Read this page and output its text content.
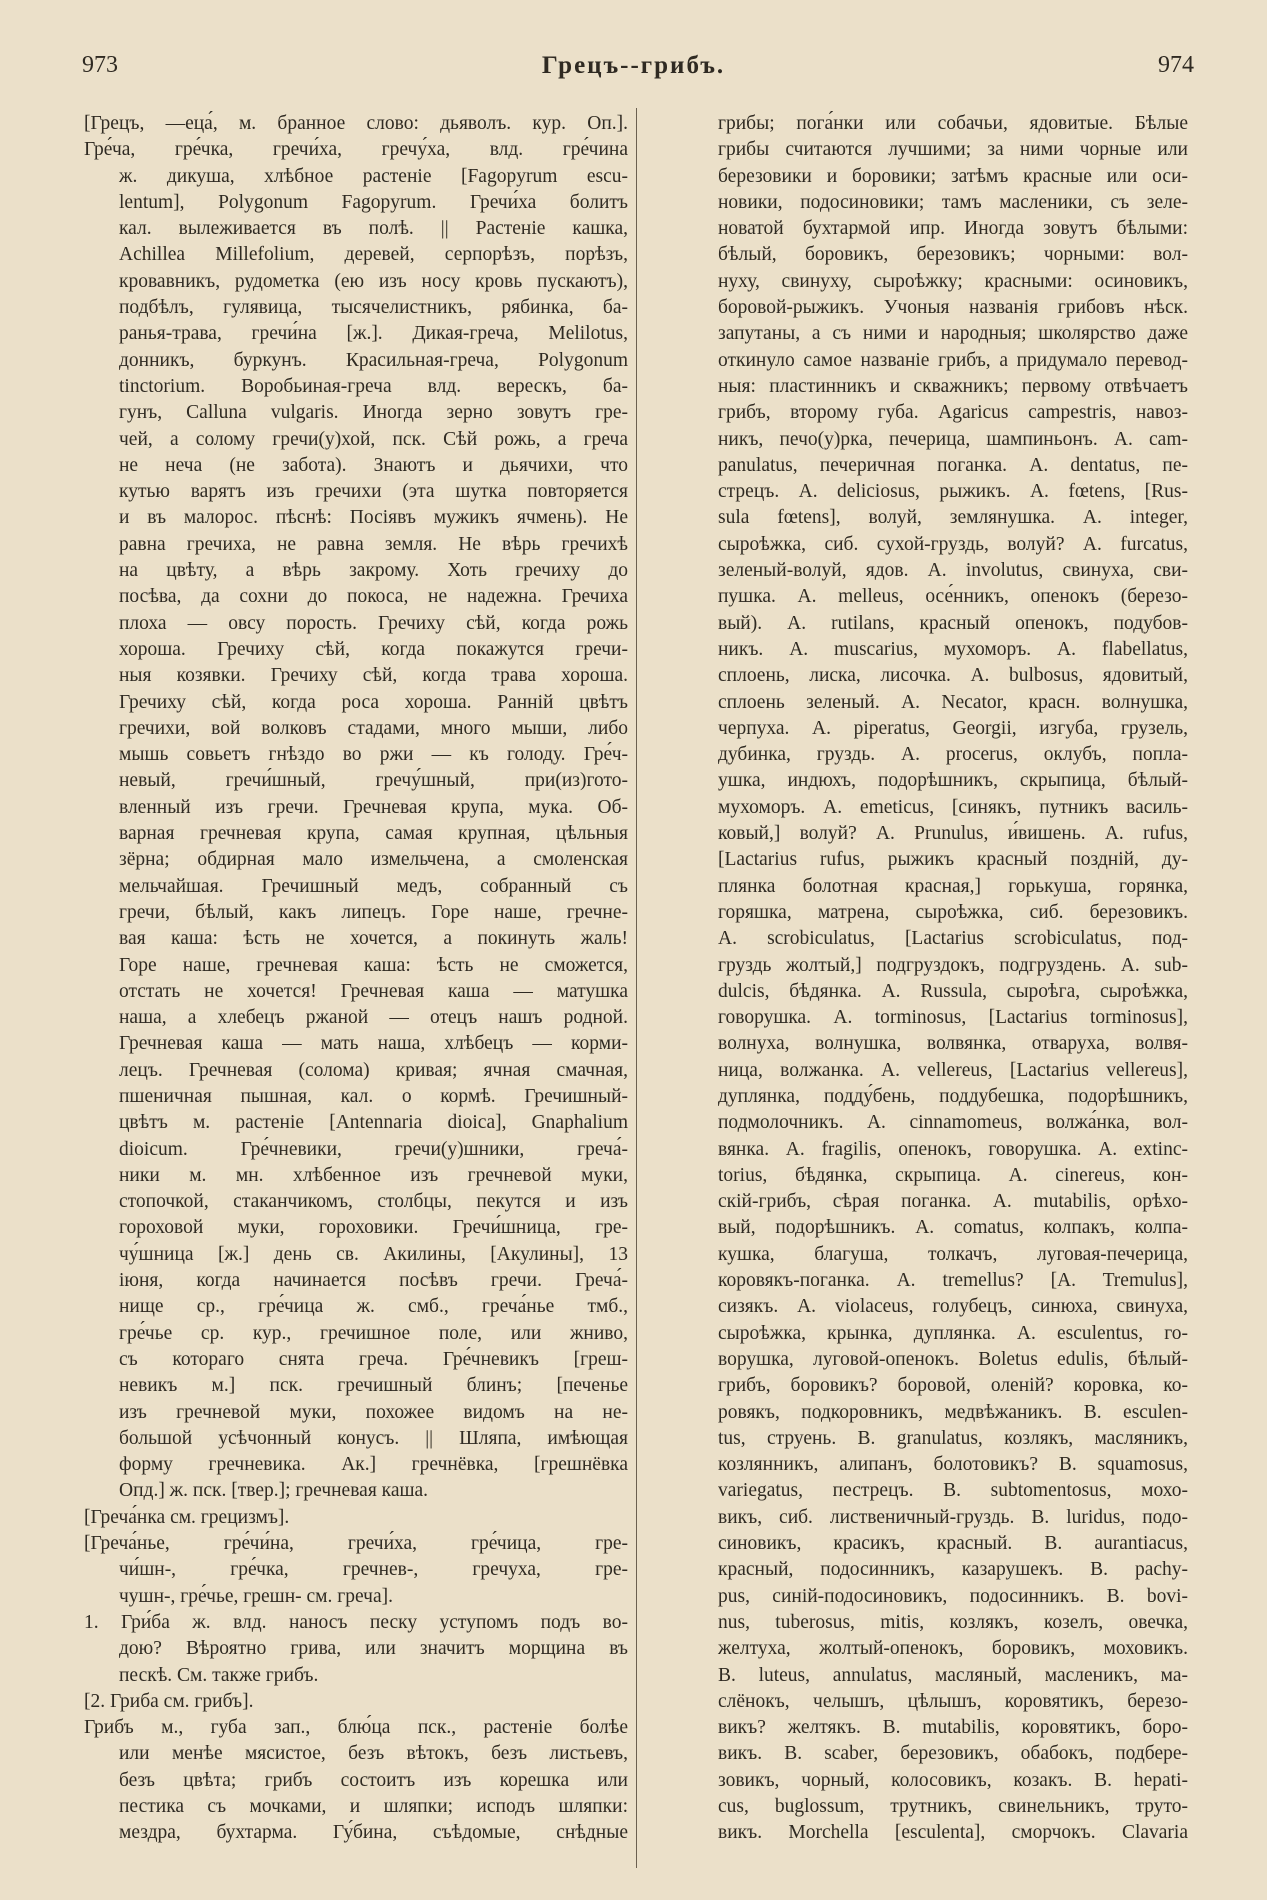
973	Грецъ--грибъ.	974
[Грецъ, —еца́, м. бранное слово: дьяволъ. кур. Оп.].
Гре́ча, гре́чка, гречи́ха, гречу́ха, влд. гре́чина
ж. дикуша, хлѣбное растенiе [Fagopyrum escu-
lentum], Polygonum Fagopyrum. Гречи́ха болитъ
кал. вылеживается въ полѣ. || Растенiе кашка,
Achillea Millefolium, деревей, серпорѣзъ, порѣзъ,
кровавникъ, рудометка (ею изъ носу кровь пускаютъ),
подбѣлъ, гулявица, тысячелистникъ, рябинка, ба-
ранья-трава, гречи́на [ж.]. Дикая-греча, Melilotus,
донникъ, буркунъ. Красильная-греча, Polygonum
tinctorium. Воробьиная-греча влд. верескъ, ба-
гунъ, Calluna vulgaris. Иногда зерно зовутъ гре-
чей, а солому гречи(у)хой, пск. Сѣй рожь, а греча
не неча (не забота). Знаютъ и дьячихи, что
кутью варятъ изъ гречихи (эта шутка повторяется
и въ малорос. пѣснѣ: Посiявъ мужикъ ячмень). Не
равна гречиха, не равна земля. Не вѣрь гречихѣ
на цвѣту, а вѣрь закрому. Хоть гречиху до
посѣва, да сохни до покоса, не надежна. Гречиха
плоха — овсу пороcть. Гречиху сѣй, когда рожь
хороша. Гречиху сѣй, когда покажутся гречи-
ныя козявки. Гречиху сѣй, когда трава хороша.
Гречиху сѣй, когда роса хороша. Раннiй цвѣтъ
гречихи, вой волковъ стадами, много мыши, либо
мышь совьетъ гнѣздо во ржи — къ голоду. Гре́ч-
невый, гречи́шный, гречу́шный, при(из)гото-
вленный изъ гречи. Гречневая крупа, мука. Об-
варная гречневая крупа, самая крупная, цѣльныя
зёрна; обдирная мало измельчена, а смоленская
мельчайшая. Гречишный медъ, собранный съ
гречи, бѣлый, какъ липецъ. Горе наше, гречне-
вая каша: ѣсть не хочется, а покинуть жаль!
Горе наше, гречневая каша: ѣсть не сможется,
отстать не хочется! Гречневая каша — матушка
наша, а хлебецъ ржаной — отецъ нашъ родной.
Гречневая каша — мать наша, хлѣбецъ — корми-
лецъ. Гречневая (солома) кривая; ячная смачная,
пшеничная пышная, кал. о кормѣ. Гречишный-
цвѣтъ м. растенiе [Antennaria dioica], Gnaphalium
dioicum. Гре́чневики, гречи(у)шники, греча́-
ники м. мн. хлѣбенное изъ гречневой муки,
стопочкой, стаканчикомъ, столбцы, пекутся и изъ
гороховой муки, гороховики. Гречи́шница, гре-
чу́шница [ж.] день св. Акилины, [Акулины], 13
iюня, когда начинается посѣвъ гречи. Греча́-
нище ср., гре́чица ж. смб., греча́нье тмб.,
гре́чье ср. кур., гречишное поле, или жниво,
съ котораго снята греча. Гре́чневикъ [греш-
невикъ м.] пск. гречишный блинъ; [печенье
изъ гречневой муки, похожее видомъ на не-
большой усѣчонный конусъ. || Шляпа, имѣющая
форму гречневика. Ак.] гречнёвка, [грешнёвка
Опд.] ж. пск. [твер.]; гречневая каша.
[Греча́нка см. грецизмъ].
[Греча́нье, гре́чи́на, гречи́ха, гре́чица, гре-
чи́шн-, гре́чка, гречнев-, гречуха, гре-
чушн-, гре́чье, грешн- см. греча].
1. Гри́ба ж. влд. наносъ песку уступомъ подъ во-
дою? Вѣроятно грива, или значитъ морщина въ
пескѣ. См. также грибъ.
[2. Гриба см. грибъ].
Грибъ м., губа зап., блю́ца пск., растенiе болѣе
или менѣе мясистое, безъ вѣтокъ, безъ листьевъ,
безъ цвѣта; грибъ состоитъ изъ корешка или
пестика съ мочками, и шляпки; исподъ шляпки:
мездра, бухтарма. Гу́бина, съѣдомые, снѣдные
грибы; пога́нки или собачьи, ядовитые. Бѣлые
грибы считаются лучшими; за ними чорные или
березовики и боровики; затѣмъ красные или оси-
новики, подосиновики; тамъ масленики, съ зеле-
новатой бухтармой ипр. Иногда зовутъ бѣлыми:
бѣлый, боровикъ, березовикъ; чорными: вол-
нуху, свинуху, сыроѣжку; красными: осиновикъ,
боровой-рыжикъ. Учоныя названiя грибовъ нѣск.
запутаны, а съ ними и народныя; школярство даже
откинуло самое названiе грибъ, а придумало перевод-
ныя: пластинникъ и скважникъ; первому отвѣчаетъ
грибъ, второму губа. Agaricus campestris, навоз-
никъ, печо(у)рка, печерица, шампиньонъ. A. cam-
panulatus, печеричная поганка. A. dentatus, пе-
стрецъ. A. deliciosus, рыжикъ. A. fœtens, [Rus-
sula fœtens], волуй, землянушка. A. integer,
сыроѣжка, сиб. сухой-груздь, волуй? A. furcatus,
зеленый-волуй, ядов. A. involutus, свинуха, сви-
пушка. A. melleus, осе́нникъ, опенокъ (березо-
вый). A. rutilans, красный опенокъ, подубов-
никъ. A. muscarius, мухоморъ. A. flabellatus,
сплоень, лиска, лисочка. A. bulbosus, ядовитый,
сплоень зеленый. A. Necator, красн. волнушка,
черпуха. A. piperatus, Georgii, изгуба, грузель,
дубинка, груздь. A. procerus, оклубъ, попла-
ушка, индюхъ, подорѣшникъ, скрыпица, бѣлый-
мухоморъ. A. emeticus, [синякъ, путникъ василь-
ковый,] волуй? A. Prunulus, и́вишень. A. rufus,
[Lactarius rufus, рыжикъ красный поздній, ду-
плянка болотная красная,] горькуша, горянка,
горяшка, матрена, сыроѣжка, сиб. березовикъ.
A. scrobiculatus, [Lactarius scrobiculatus, под-
груздь жолтый,] подгруздокъ, подгруздень. A. sub-
dulcis, бѣдянка. A. Russula, сыроѣга, сыроѣжка,
говорушка. A. torminosus, [Lactarius torminosus],
волнуха, волнушка, волвянка, отваруха, волвя-
ница, волжанка. A. vellereus, [Lactarius vellereus],
дуплянка, подду́бень, поддубешка, подорѣшникъ,
подмолочникъ. A. cinnamomeus, волжа́нка, вол-
вянка. A. fragilis, опенокъ, говорушка. A. extinc-
torius, бѣдянка, скрыпица. A. cinereus, кон-
скiй-грибъ, сѣрая поганка. A. mutabilis, орѣхо-
вый, подорѣшникъ. A. comatus, колпакъ, колпа-
кушка, благуша, толкачъ, луговая-печерица,
коровякъ-поганка. A. tremellus? [A. Tremulus],
сизякъ. A. violaceus, голубецъ, синюха, свинуха,
сыроѣжка, крынка, дуплянка. A. esculentus, го-
ворушка, луговой-опенокъ. Boletus edulis, бѣлый-
грибъ, боровикъ? боровой, оленiй? коровка, ко-
ровякъ, подкоровникъ, медвѣжаникъ. B. esculen-
tus, струень. B. granulatus, козлякъ, масляникъ,
козлянникъ, алипанъ, болотовикъ? B. squamosus,
variegatus, пестрецъ. B. subtomentosus, мохо-
викъ, сиб. лиственичный-груздь. B. luridus, подо-
синовикъ, красикъ, красный. B. aurantiacus,
красный, подосинникъ, казарушекъ. B. pachy-
pus, синiй-подосиновикъ, подосинникъ. B. bovi-
nus, tuberosus, mitis, козлякъ, козелъ, овечка,
желтуха, жолтый-опенокъ, боровикъ, моховикъ.
B. luteus, annulatus, масляный, масленикъ, ма-
слёнокъ, челышъ, цѣлышъ, коровятикъ, березо-
викъ? желтякъ. B. mutabilis, коровятикъ, боро-
викъ. B. scaber, березовикъ, обабокъ, подбере-
зовикъ, чорный, колосовикъ, козакъ. B. hepati-
cus, buglossum, трутникъ, свинельникъ, труто-
викъ. Morchella [esculenta], сморчокъ. Clavaria
